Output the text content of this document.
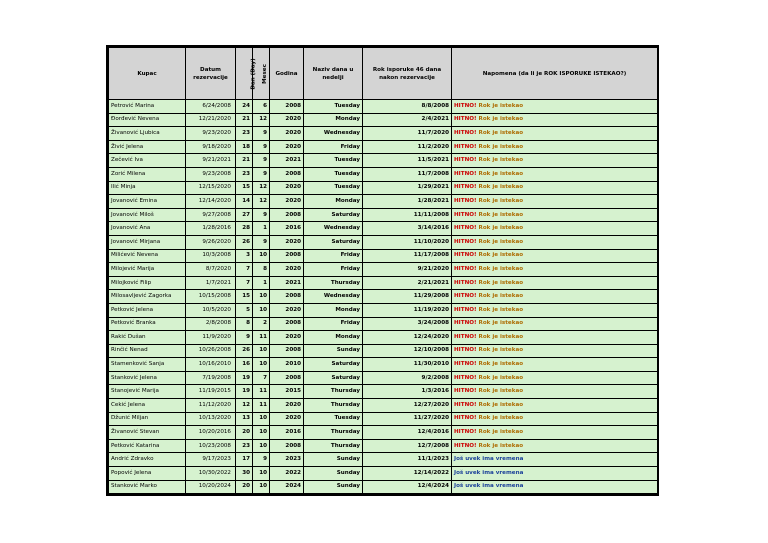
Kupac	Datum rezervacije	Dan (Day)	Mesec	Godina	Naziv dana u nedelji	Rok isporuke 46 dana nakon rezervacije	Napomena (da li je ROK ISPORUKE ISTEKAO?)
Petrović Marina	6/24/2008	24	6	2008	Tuesday	8/8/2008	HITNO! Rok je istekao
Đorđević Nevena	12/21/2020	21	12	2020	Monday	2/4/2021	HITNO! Rok je istekao
Živanović Ljubica	9/23/2020	23	9	2020	Wednesday	11/7/2020	HITNO! Rok je istekao
Živić Jelena	9/18/2020	18	9	2020	Friday	11/2/2020	HITNO! Rok je istekao
Zečević Iva	9/21/2021	21	9	2021	Tuesday	11/5/2021	HITNO! Rok je istekao
Zorić Milena	9/23/2008	23	9	2008	Tuesday	11/7/2008	HITNO! Rok je istekao
Ilić Minja	12/15/2020	15	12	2020	Tuesday	1/29/2021	HITNO! Rok je istekao
Jovanović Emina	12/14/2020	14	12	2020	Monday	1/28/2021	HITNO! Rok je istekao
Jovanović Miloš	9/27/2008	27	9	2008	Saturday	11/11/2008	HITNO! Rok je istekao
Jovanović Ana	1/28/2016	28	1	2016	Wednesday	3/14/2016	HITNO! Rok je istekao
Jovanović Mirjana	9/26/2020	26	9	2020	Saturday	11/10/2020	HITNO! Rok je istekao
Milićević Nevena	10/3/2008	3	10	2008	Friday	11/17/2008	HITNO! Rok je istekao
Milojević Marija	8/7/2020	7	8	2020	Friday	9/21/2020	HITNO! Rok je istekao
Milojković Filip	1/7/2021	7	1	2021	Thursday	2/21/2021	HITNO! Rok je istekao
Milosavljević Zagorka	10/15/2008	15	10	2008	Wednesday	11/29/2008	HITNO! Rok je istekao
Petković Jelena	10/5/2020	5	10	2020	Monday	11/19/2020	HITNO! Rok je istekao
Petković Branka	2/8/2008	8	2	2008	Friday	3/24/2008	HITNO! Rok je istekao
Rakić Dušan	11/9/2020	9	11	2020	Monday	12/24/2020	HITNO! Rok je istekao
Rinčić Nenad	10/26/2008	26	10	2008	Sunday	12/10/2008	HITNO! Rok je istekao
Stamenković Sanja	10/16/2010	16	10	2010	Saturday	11/30/2010	HITNO! Rok je istekao
Stanković Jelena	7/19/2008	19	7	2008	Saturday	9/2/2008	HITNO! Rok je istekao
Stanojević Marija	11/19/2015	19	11	2015	Thursday	1/3/2016	HITNO! Rok je istekao
Cekić Jelena	11/12/2020	12	11	2020	Thursday	12/27/2020	HITNO! Rok je istekao
Džunić Miljan	10/13/2020	13	10	2020	Tuesday	11/27/2020	HITNO! Rok je istekao
Živanović Stevan	10/20/2016	20	10	2016	Thursday	12/4/2016	HITNO! Rok je istekao
Petković Katarina	10/23/2008	23	10	2008	Thursday	12/7/2008	HITNO! Rok je istekao
Andrić Zdravko	9/17/2023	17	9	2023	Sunday	11/1/2023	Još uvek ima vremena
Popović Jelena	10/30/2022	30	10	2022	Sunday	12/14/2022	Još uvek ima vremena
Stanković Marko	10/20/2024	20	10	2024	Sunday	12/4/2024	Još uvek ima vremena
